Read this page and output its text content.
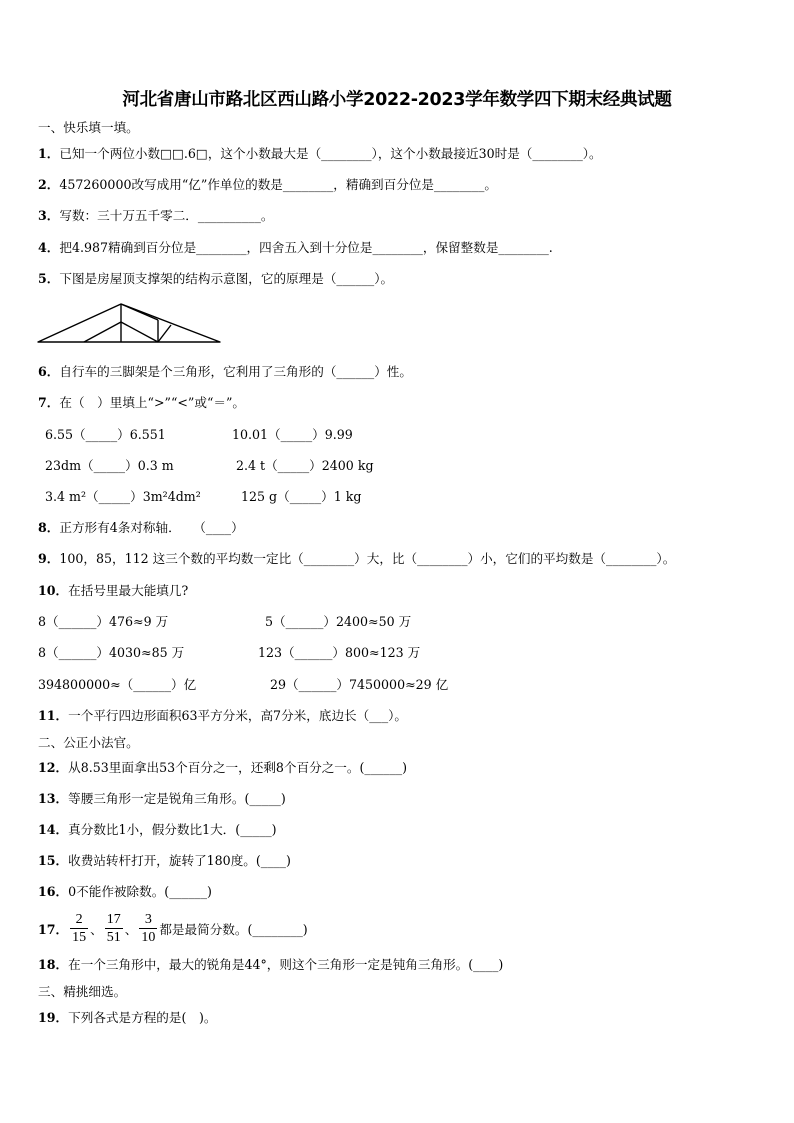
河北省唐山市路北区西山路小学2022-2023学年数学四下期末经典试题
一、快乐填一填。
1．已知一个两位小数□□.6□，这个小数最大是（________），这个小数最接近30时是（________）。
2．457260000改写成用“亿”作单位的数是________，精确到百分位是________。
3．写数：三十万五千零二．__________。
4．把4.987精确到百分位是________，四舍五入到十分位是________，保留整数是________.
5．下图是房屋顶支撑架的结构示意图，它的原理是（______）。
6．自行车的三脚架是个三角形，它利用了三角形的（______）性。
7．在（　）里填上“>”“<”或“＝”。
6.55（_____）6.551	10.01（_____）9.99
23dm（_____）0.3 m	2.4 t（_____）2400 kg
3.4 m²（_____）3m²4dm²	125 g（_____）1 kg
8．正方形有4条对称轴．　　（____）
9．100，85，112 这三个数的平均数一定比（________）大，比（________）小，它们的平均数是（________）。
10．在括号里最大能填几?
8（______）476≈9 万	5（______）2400≈50 万
8（______）4030≈85 万	123（______）800≈123 万
394800000≈（______）亿	29（______）7450000≈29 亿
11．一个平行四边形面积63平方分米，高7分米，底边长（___）。
二、公正小法官。
12．从8.53里面拿出53个百分之一，还剩8个百分之一。(______)
13．等腰三角形一定是锐角三角形。(_____)
14．真分数比1小，假分数比1大．(_____)
15．收费站转杆打开，旋转了180度。(____)
16．0不能作被除数。(______)
17． $\frac{2}{15}$ 、 $\frac{17}{51}$ 、 $\frac{3}{10}$ 都是最简分数。(________)
18．在一个三角形中，最大的锐角是44°，则这个三角形一定是钝角三角形。(____)
三、精挑细选。
19．下列各式是方程的是(　)。
